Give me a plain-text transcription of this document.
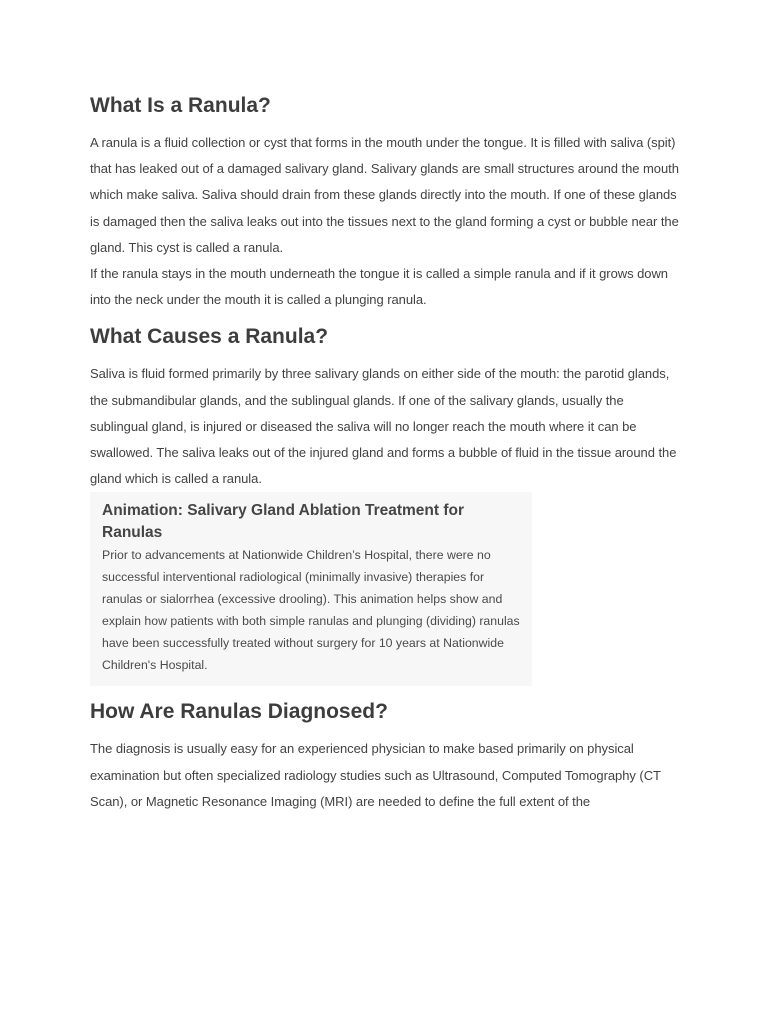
What Is a Ranula?

A ranula is a fluid collection or cyst that forms in the mouth under the tongue. It is filled with saliva (spit) that has leaked out of a damaged salivary gland. Salivary glands are small structures around the mouth which make saliva. Saliva should drain from these glands directly into the mouth. If one of these glands is damaged then the saliva leaks out into the tissues next to the gland forming a cyst or bubble near the gland. This cyst is called a ranula.

If the ranula stays in the mouth underneath the tongue it is called a simple ranula and if it grows down into the neck under the mouth it is called a plunging ranula.

What Causes a Ranula?

Saliva is fluid formed primarily by three salivary glands on either side of the mouth: the parotid glands, the submandibular glands, and the sublingual glands. If one of the salivary glands, usually the sublingual gland, is injured or diseased the saliva will no longer reach the mouth where it can be swallowed. The saliva leaks out of the injured gland and forms a bubble of fluid in the tissue around the gland which is called a ranula.

Animation: Salivary Gland Ablation Treatment for Ranulas

Prior to advancements at Nationwide Children’s Hospital, there were no successful interventional radiological (minimally invasive) therapies for ranulas or sialorrhea (excessive drooling). This animation helps show and explain how patients with both simple ranulas and plunging (dividing) ranulas have been successfully treated without surgery for 10 years at Nationwide Children's Hospital.

How Are Ranulas Diagnosed?

The diagnosis is usually easy for an experienced physician to make based primarily on physical examination but often specialized radiology studies such as Ultrasound, Computed Tomography (CT Scan), or Magnetic Resonance Imaging (MRI) are needed to define the full extent of the
